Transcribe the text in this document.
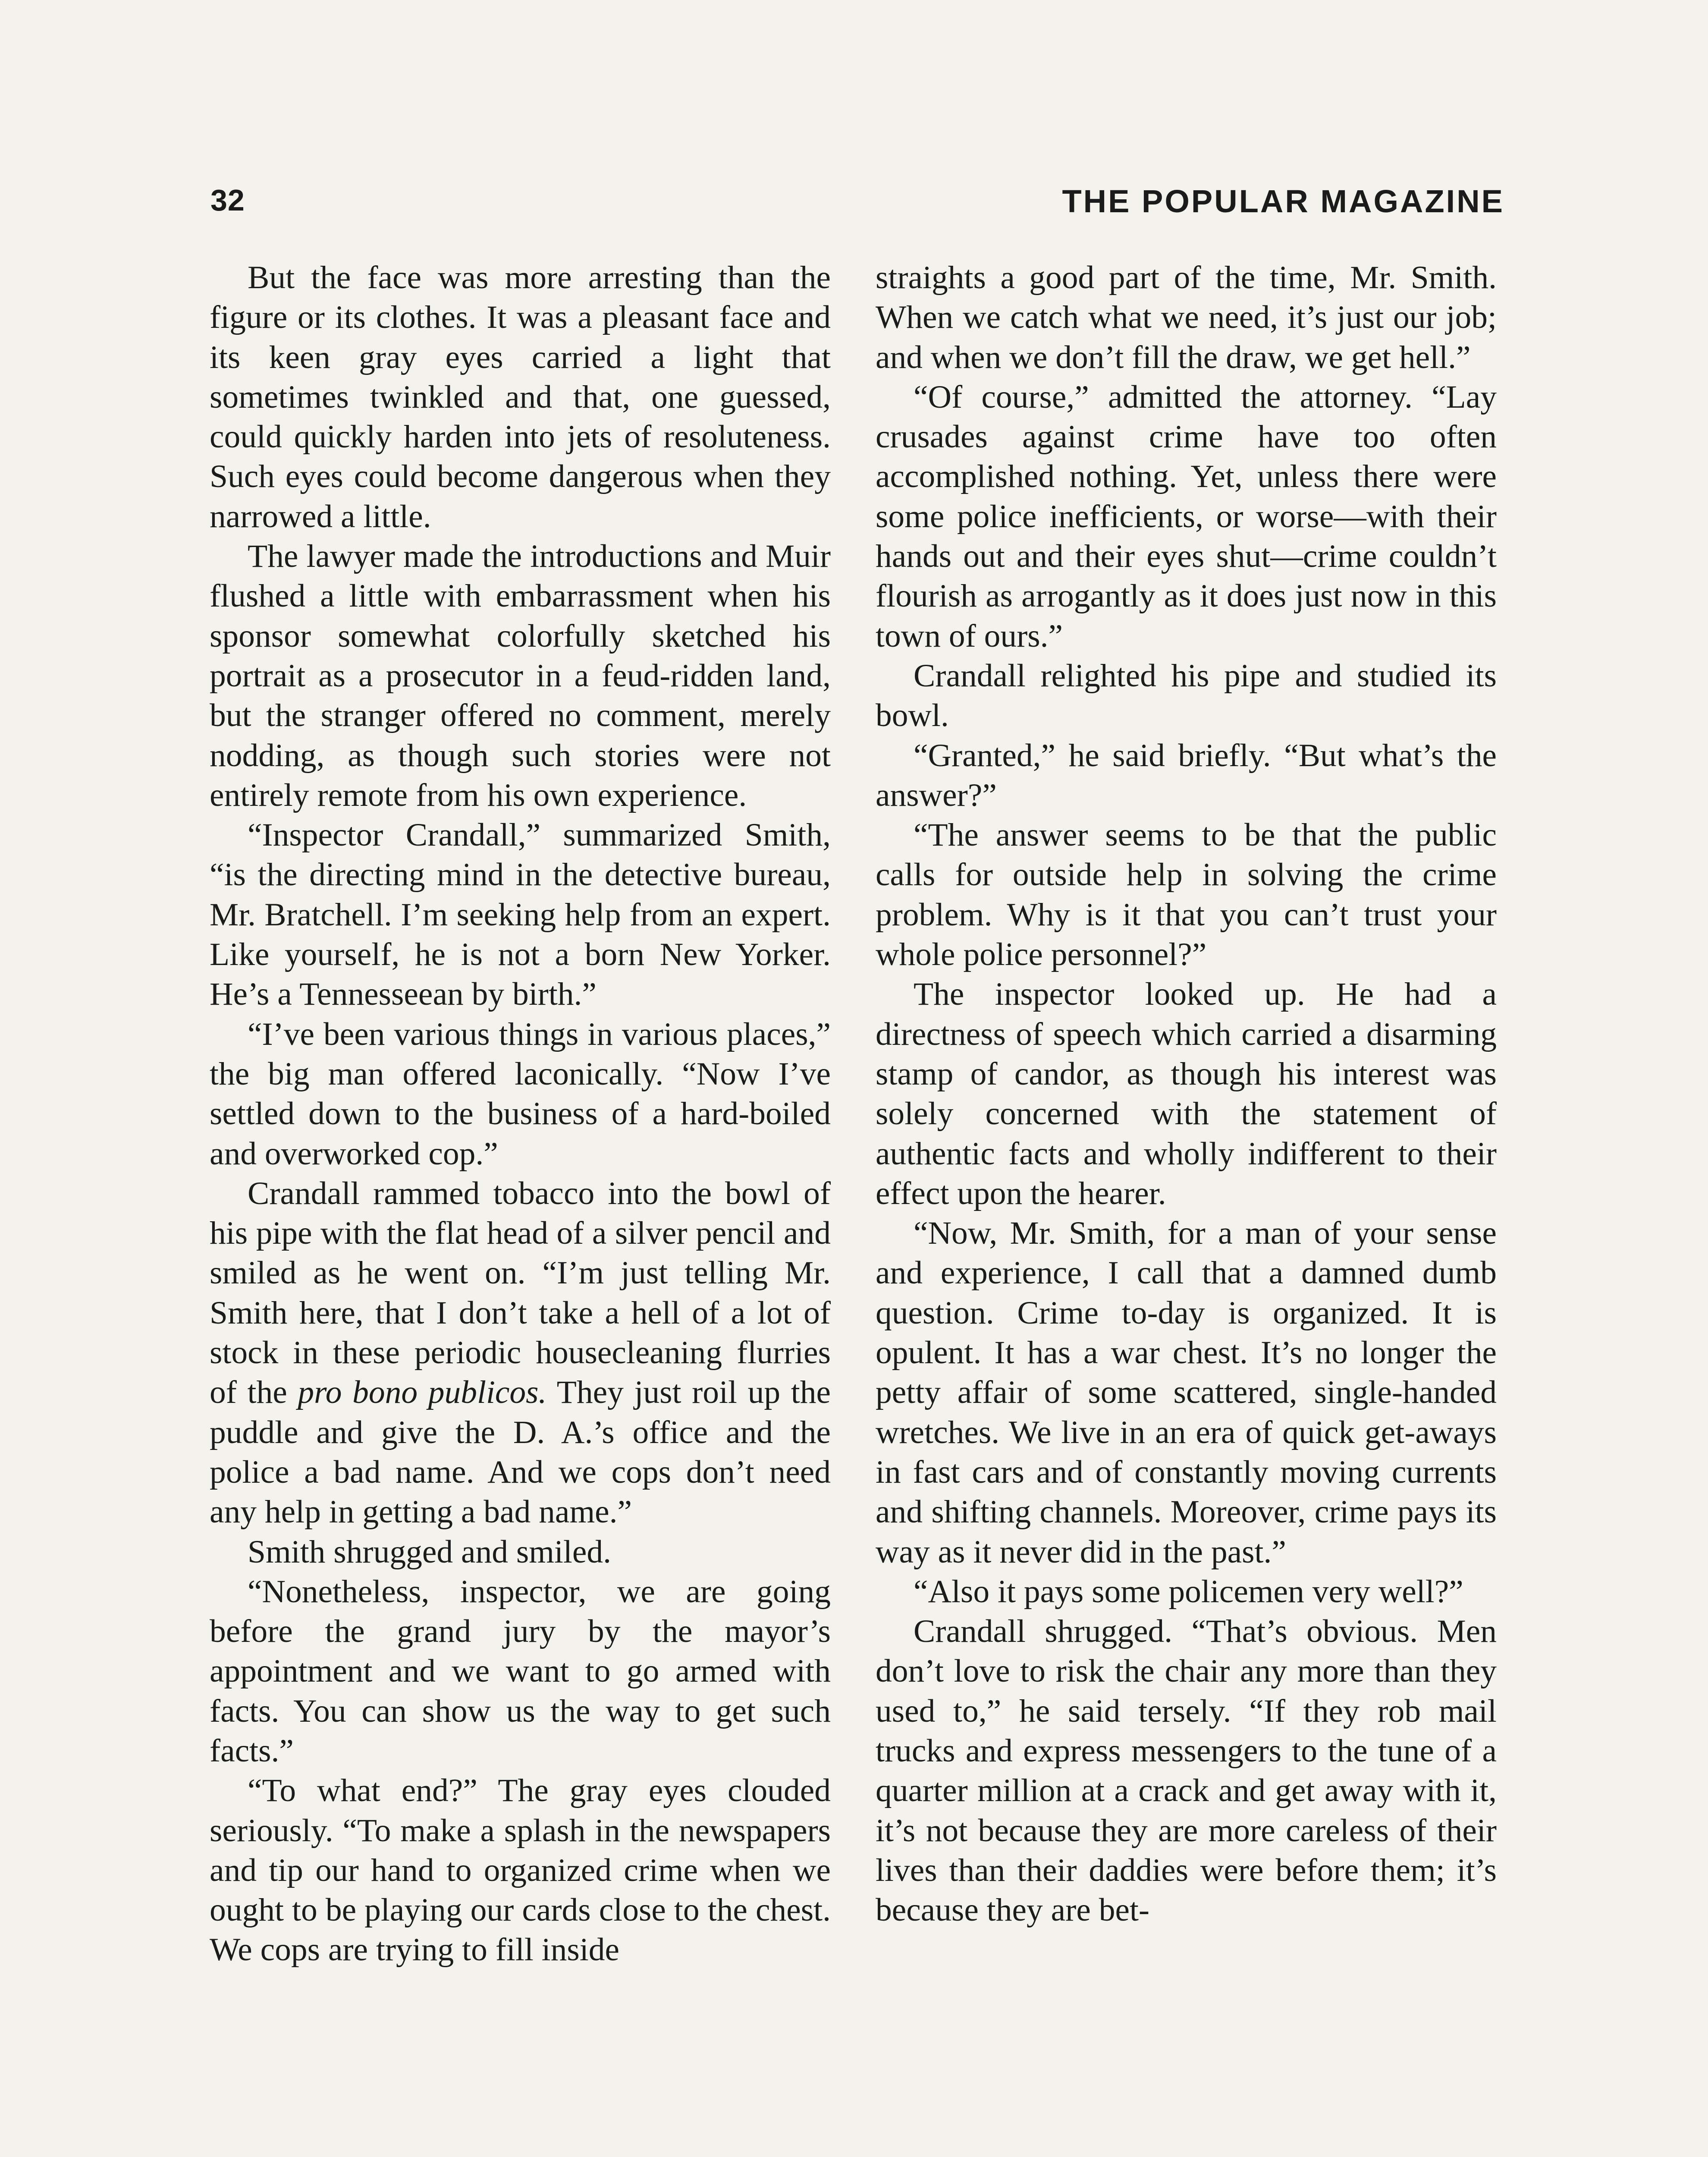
32	THE POPULAR MAGAZINE

But the face was more arresting than the figure or its clothes. It was a pleasant face and its keen gray eyes carried a light that sometimes twinkled and that, one guessed, could quickly harden into jets of resoluteness. Such eyes could become dangerous when they narrowed a little.

The lawyer made the introductions and Muir flushed a little with embarrassment when his sponsor somewhat colorfully sketched his portrait as a prosecutor in a feud-ridden land, but the stranger offered no comment, merely nodding, as though such stories were not entirely remote from his own experience.

“Inspector Crandall,” summarized Smith, “is the directing mind in the detective bureau, Mr. Bratchell. I’m seeking help from an expert. Like yourself, he is not a born New Yorker. He’s a Tennesseean by birth.”

“I’ve been various things in various places,” the big man offered laconically. “Now I’ve settled down to the business of a hard-boiled and overworked cop.”

Crandall rammed tobacco into the bowl of his pipe with the flat head of a silver pencil and smiled as he went on. “I’m just telling Mr. Smith here, that I don’t take a hell of a lot of stock in these periodic housecleaning flurries of the pro bono publicos. They just roil up the puddle and give the D. A.’s office and the police a bad name. And we cops don’t need any help in getting a bad name.”

Smith shrugged and smiled.

“Nonetheless, inspector, we are going before the grand jury by the mayor’s appointment and we want to go armed with facts. You can show us the way to get such facts.”

“To what end?” The gray eyes clouded seriously. “To make a splash in the newspapers and tip our hand to organized crime when we ought to be playing our cards close to the chest. We cops are trying to fill inside

straights a good part of the time, Mr. Smith. When we catch what we need, it’s just our job; and when we don’t fill the draw, we get hell.”

“Of course,” admitted the attorney. “Lay crusades against crime have too often accomplished nothing. Yet, unless there were some police inefficients, or worse—with their hands out and their eyes shut—crime couldn’t flourish as arrogantly as it does just now in this town of ours.”

Crandall relighted his pipe and studied its bowl.

“Granted,” he said briefly. “But what’s the answer?”

“The answer seems to be that the public calls for outside help in solving the crime problem. Why is it that you can’t trust your whole police personnel?”

The inspector looked up. He had a directness of speech which carried a disarming stamp of candor, as though his interest was solely concerned with the statement of authentic facts and wholly indifferent to their effect upon the hearer.

“Now, Mr. Smith, for a man of your sense and experience, I call that a damned dumb question. Crime to-day is organized. It is opulent. It has a war chest. It’s no longer the petty affair of some scattered, single-handed wretches. We live in an era of quick get-aways in fast cars and of constantly moving currents and shifting channels. Moreover, crime pays its way as it never did in the past.”

“Also it pays some policemen very well?”

Crandall shrugged. “That’s obvious. Men don’t love to risk the chair any more than they used to,” he said tersely. “If they rob mail trucks and express messengers to the tune of a quarter million at a crack and get away with it, it’s not because they are more careless of their lives than their daddies were before them; it’s because they are bet-
